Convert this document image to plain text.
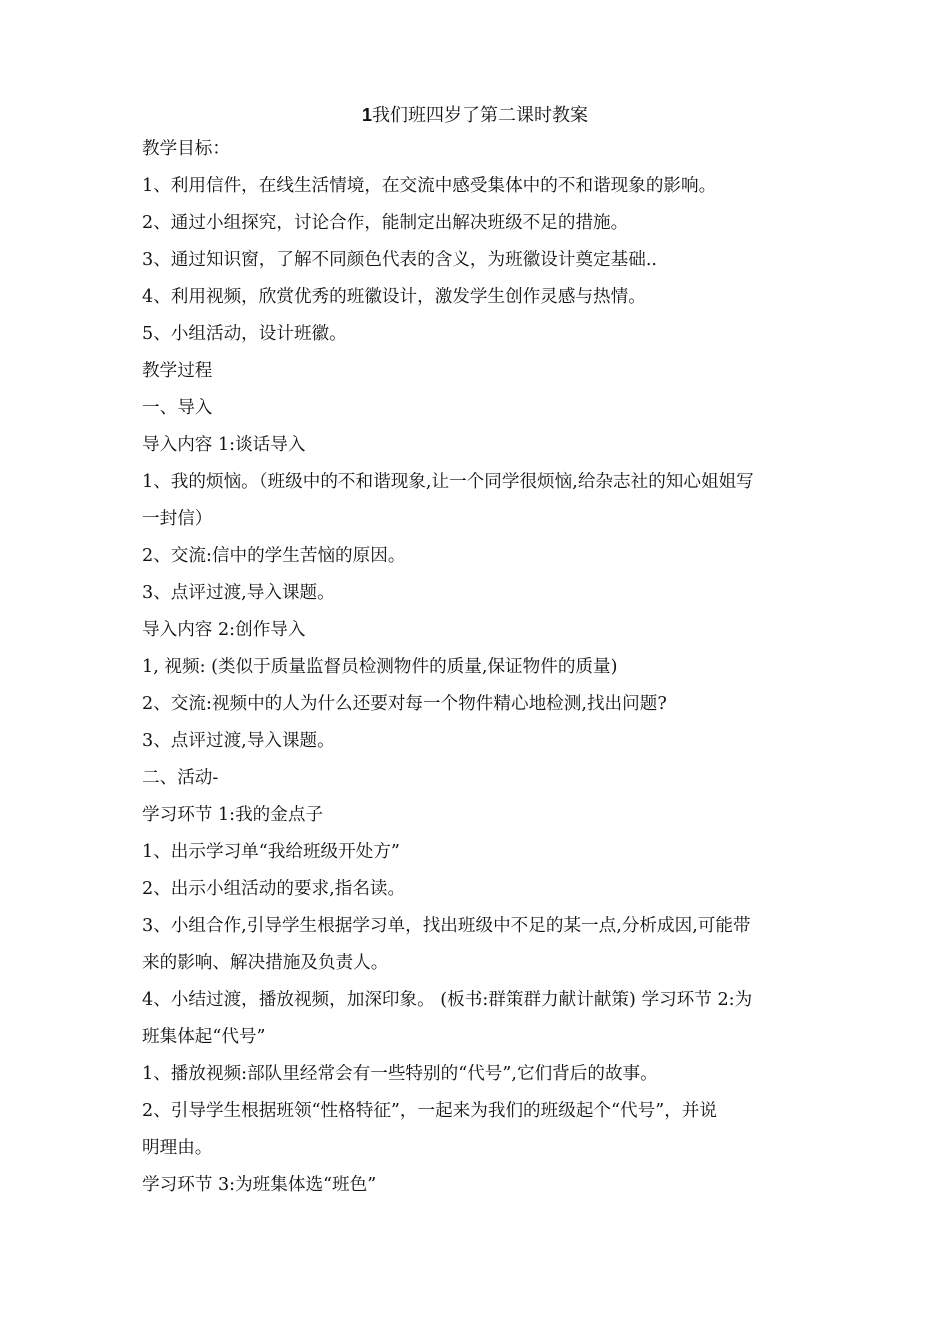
1我们班四岁了第二课时教案

教学目标：

1、利用信件，在线生活情境，在交流中感受集体中的不和谐现象的影响。

2、通过小组探究，讨论合作，能制定出解决班级不足的措施。

3、通过知识窗，了解不同颜色代表的含义，为班徽设计奠定基础..

4、利用视频，欣赏优秀的班徽设计，激发学生创作灵感与热情。

5、小组活动，设计班徽。

教学过程

一、导入

导入内容 1:谈话导入

1、我的烦恼。（班级中的不和谐现象,让一个同学很烦恼,给杂志社的知心姐姐写

一封信）

2、交流:信中的学生苦恼的原因。

3、点评过渡,导入课题。

导入内容 2:创作导入

1, 视频: (类似于质量监督员检测物件的质量,保证物件的质量)

2、交流:视频中的人为什么还要对每一个物件精心地检测,找出问题?

3、点评过渡,导入课题。

二、活动-

学习环节 1:我的金点子

1、出示学习单“我给班级开处方”

2、出示小组活动的要求,指名读。

3、小组合作,引导学生根据学习单，找出班级中不足的某一点,分析成因,可能带

来的影响、解决措施及负责人。

4、小结过渡，播放视频，加深印象。 (板书:群策群力献计献策) 学习环节 2:为

班集体起“代号”

1、播放视频:部队里经常会有一些特别的“代号”,它们背后的故事。

2、引导学生根据班领“性格特征”，一起来为我们的班级起个“代号”，并说

明理由。

学习环节 3:为班集体选“班色”
